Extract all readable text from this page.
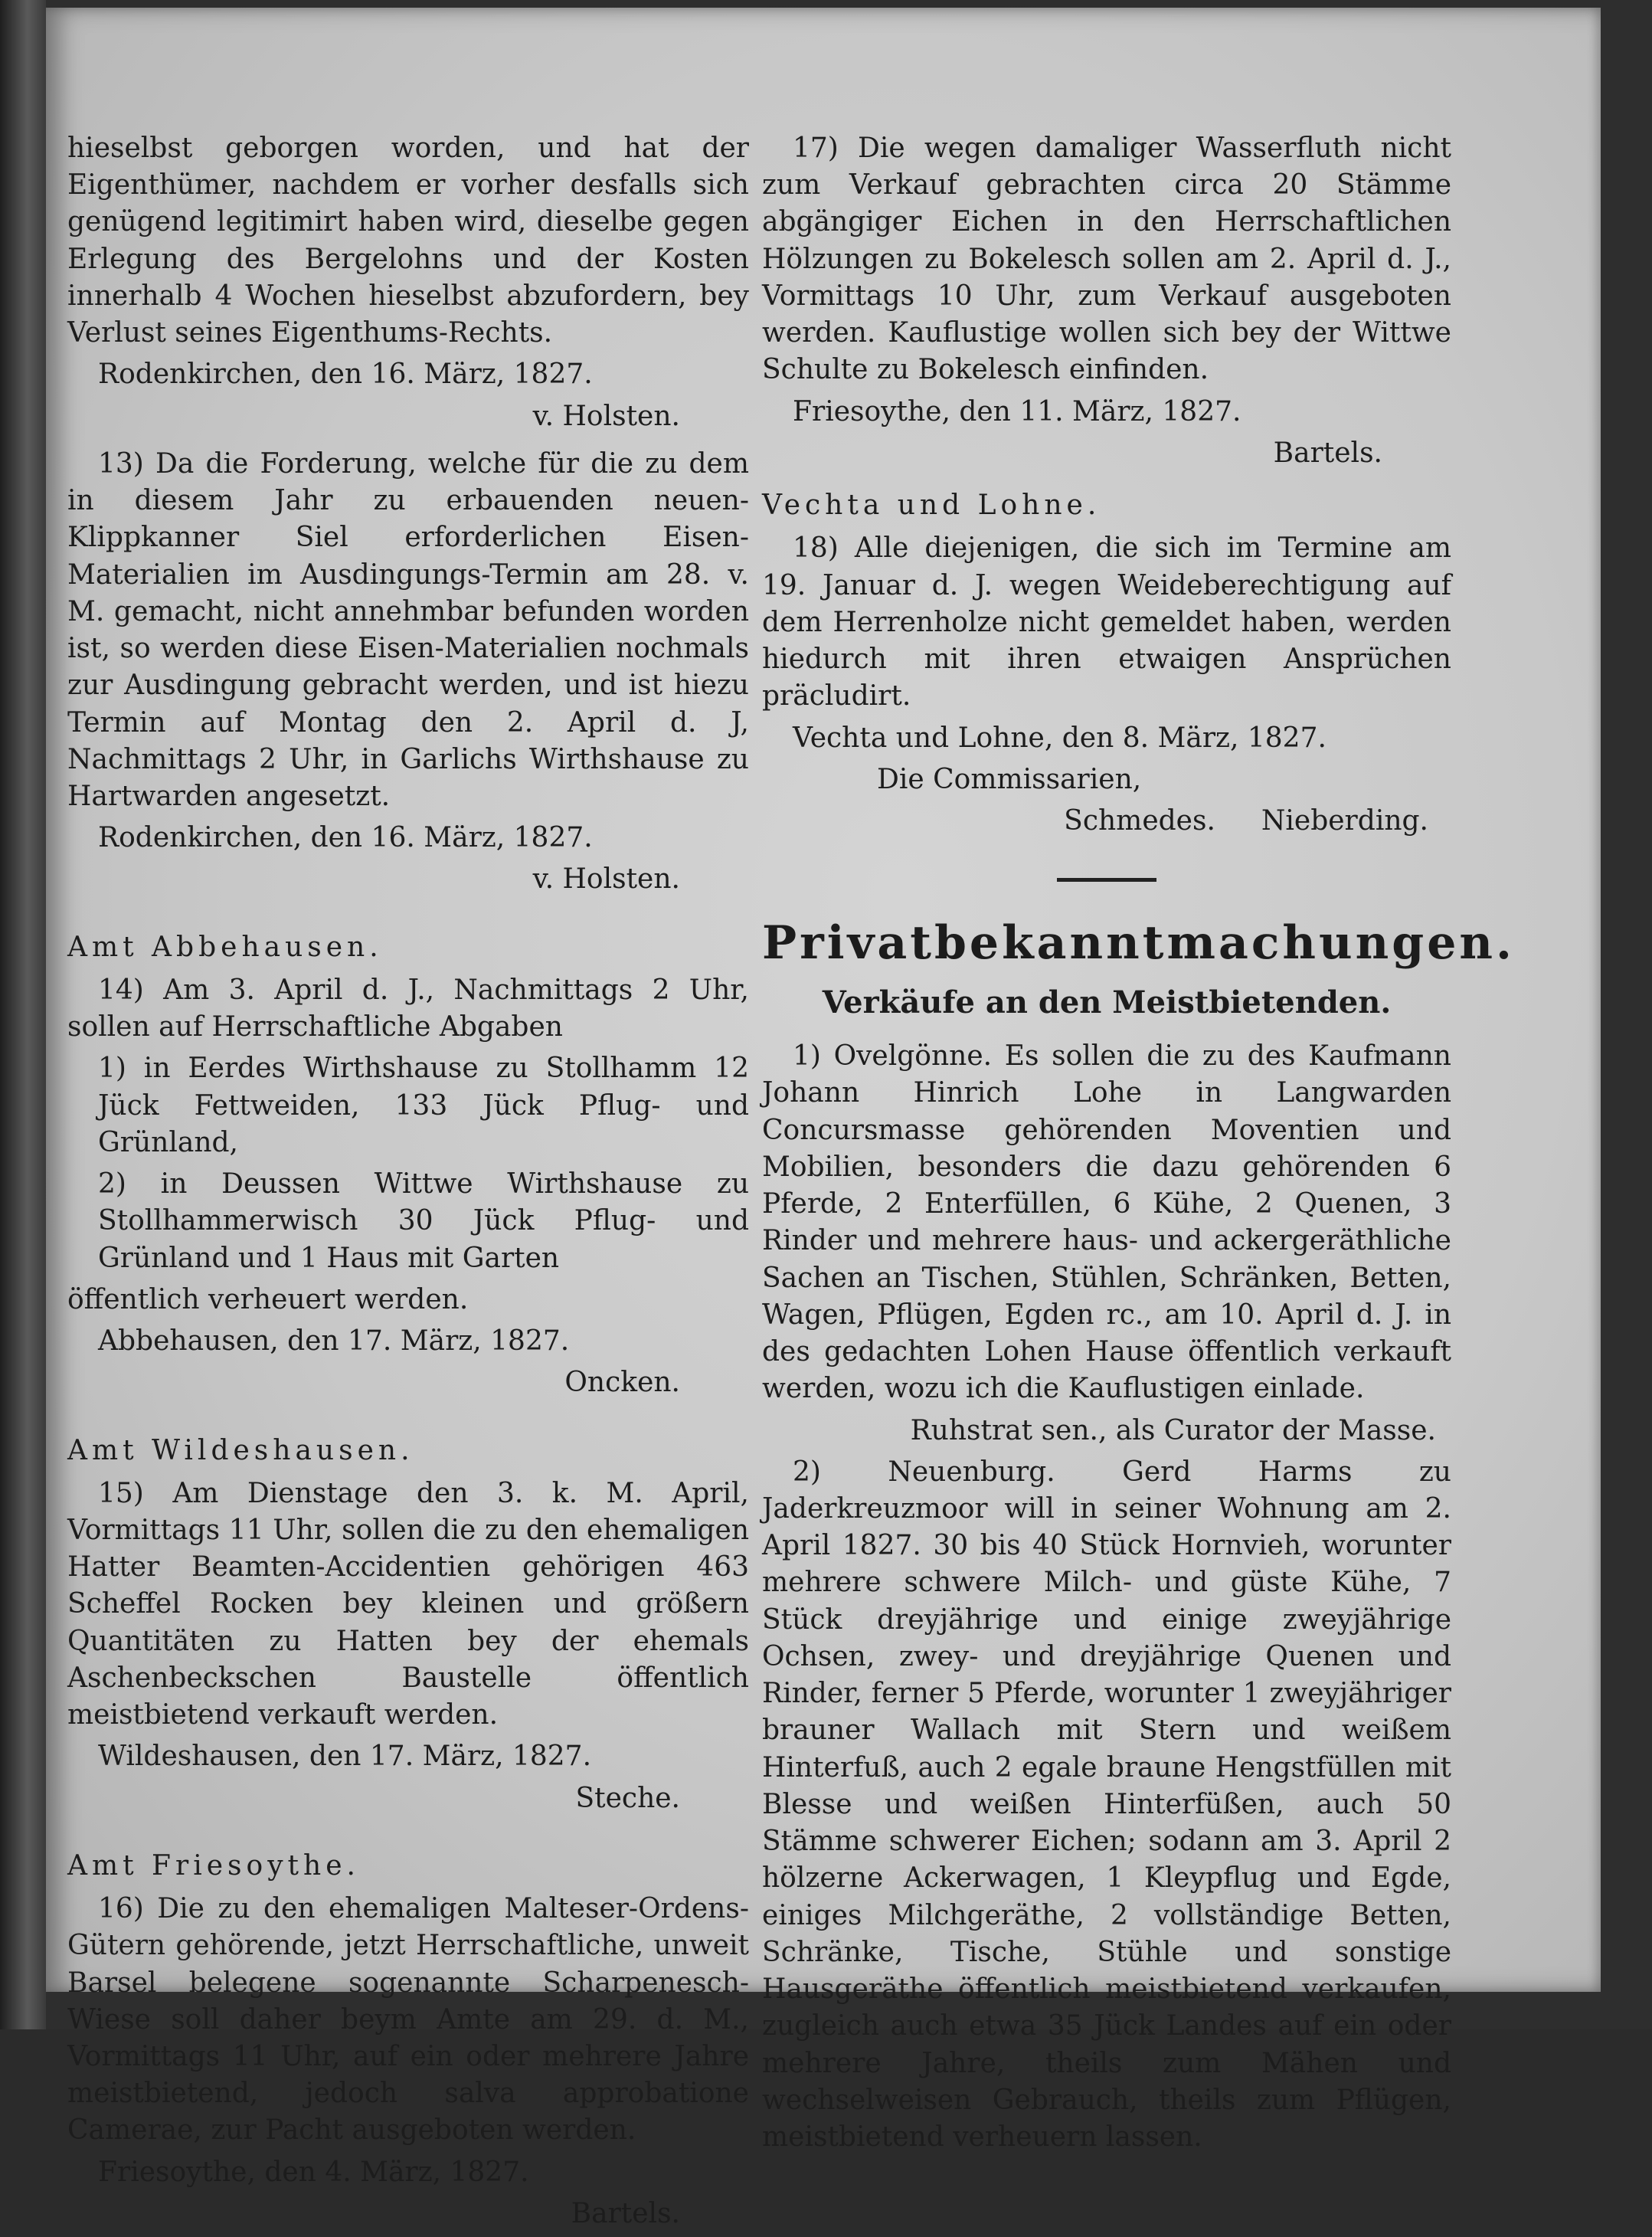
hieselbst geborgen worden, und hat der Eigenthümer, nachdem er vorher desfalls sich genügend legitimirt haben wird, dieselbe gegen Erlegung des Bergelohns und der Kosten innerhalb 4 Wochen hieselbst abzufordern, bey Verlust seines Eigenthums-Rechts.

Rodenkirchen, den 16. März, 1827.

v. Holsten.

13) Da die Forderung, welche für die zu dem in diesem Jahr zu erbauenden neuen-Klippkanner Siel erforderlichen Eisen-Materialien im Ausdingungs-Termin am 28. v. M. gemacht, nicht annehmbar befunden worden ist, so werden diese Eisen-Materialien nochmals zur Ausdingung gebracht werden, und ist hiezu Termin auf Montag den 2. April d. J, Nachmittags 2 Uhr, in Garlichs Wirthshause zu Hartwarden angesetzt.

Rodenkirchen, den 16. März, 1827.

v. Holsten.

Amt Abbehausen.

14) Am 3. April d. J., Nachmittags 2 Uhr, sollen auf Herrschaftliche Abgaben

1) in Eerdes Wirthshause zu Stollhamm 12 Jück Fettweiden, 133 Jück Pflug- und Grünland,

2) in Deussen Wittwe Wirthshause zu Stollhammerwisch 30 Jück Pflug- und Grünland und 1 Haus mit Garten

öffentlich verheuert werden.

Abbehausen, den 17. März, 1827.

Oncken.

Amt Wildeshausen.

15) Am Dienstage den 3. k. M. April, Vormittags 11 Uhr, sollen die zu den ehemaligen Hatter Beamten-Accidentien gehörigen 463 Scheffel Rocken bey kleinen und größern Quantitäten zu Hatten bey der ehemals Aschenbeckschen Baustelle öffentlich meistbietend verkauft werden.

Wildeshausen, den 17. März, 1827.

Steche.

Amt Friesoythe.

16) Die zu den ehemaligen Malteser-Ordens-Gütern gehörende, jetzt Herrschaftliche, unweit Barsel belegene sogenannte Scharpenesch-Wiese soll daher beym Amte am 29. d. M., Vormittags 11 Uhr, auf ein oder mehrere Jahre meistbietend, jedoch salva approbatione Camerae, zur Pacht ausgeboten werden.

Friesoythe, den 4. März, 1827.

Bartels.

17) Die wegen damaliger Wasserfluth nicht zum Verkauf gebrachten circa 20 Stämme abgängiger Eichen in den Herrschaftlichen Hölzungen zu Bokelesch sollen am 2. April d. J., Vormittags 10 Uhr, zum Verkauf ausgeboten werden. Kauflustige wollen sich bey der Wittwe Schulte zu Bokelesch einfinden.

Friesoythe, den 11. März, 1827.

Bartels.

Vechta und Lohne.

18) Alle diejenigen, die sich im Termine am 19. Januar d. J. wegen Weideberechtigung auf dem Herrenholze nicht gemeldet haben, werden hiedurch mit ihren etwaigen Ansprüchen präcludirt.

Vechta und Lohne, den 8. März, 1827.

Die Commissarien,

Schmedes. Nieberding.

Privatbekanntmachungen.

Verkäufe an den Meistbietenden.

1) Ovelgönne. Es sollen die zu des Kaufmann Johann Hinrich Lohe in Langwarden Concursmasse gehörenden Moventien und Mobilien, besonders die dazu gehörenden 6 Pferde, 2 Enterfüllen, 6 Kühe, 2 Quenen, 3 Rinder und mehrere haus- und ackergeräthliche Sachen an Tischen, Stühlen, Schränken, Betten, Wagen, Pflügen, Egden rc., am 10. April d. J. in des gedachten Lohen Hause öffentlich verkauft werden, wozu ich die Kauflustigen einlade.

Ruhstrat sen., als Curator der Masse.

2) Neuenburg. Gerd Harms zu Jaderkreuzmoor will in seiner Wohnung am 2. April 1827. 30 bis 40 Stück Hornvieh, worunter mehrere schwere Milch- und güste Kühe, 7 Stück dreyjährige und einige zweyjährige Ochsen, zwey- und dreyjährige Quenen und Rinder, ferner 5 Pferde, worunter 1 zweyjähriger brauner Wallach mit Stern und weißem Hinterfuß, auch 2 egale braune Hengstfüllen mit Blesse und weißen Hinterfüßen, auch 50 Stämme schwerer Eichen; sodann am 3. April 2 hölzerne Ackerwagen, 1 Kleypflug und Egde, einiges Milchgeräthe, 2 vollständige Betten, Schränke, Tische, Stühle und sonstige Hausgeräthe öffentlich meistbietend verkaufen, zugleich auch etwa 35 Jück Landes auf ein oder mehrere Jahre, theils zum Mähen und wechselweisen Gebrauch, theils zum Pflügen, meistbietend verheuern lassen.
